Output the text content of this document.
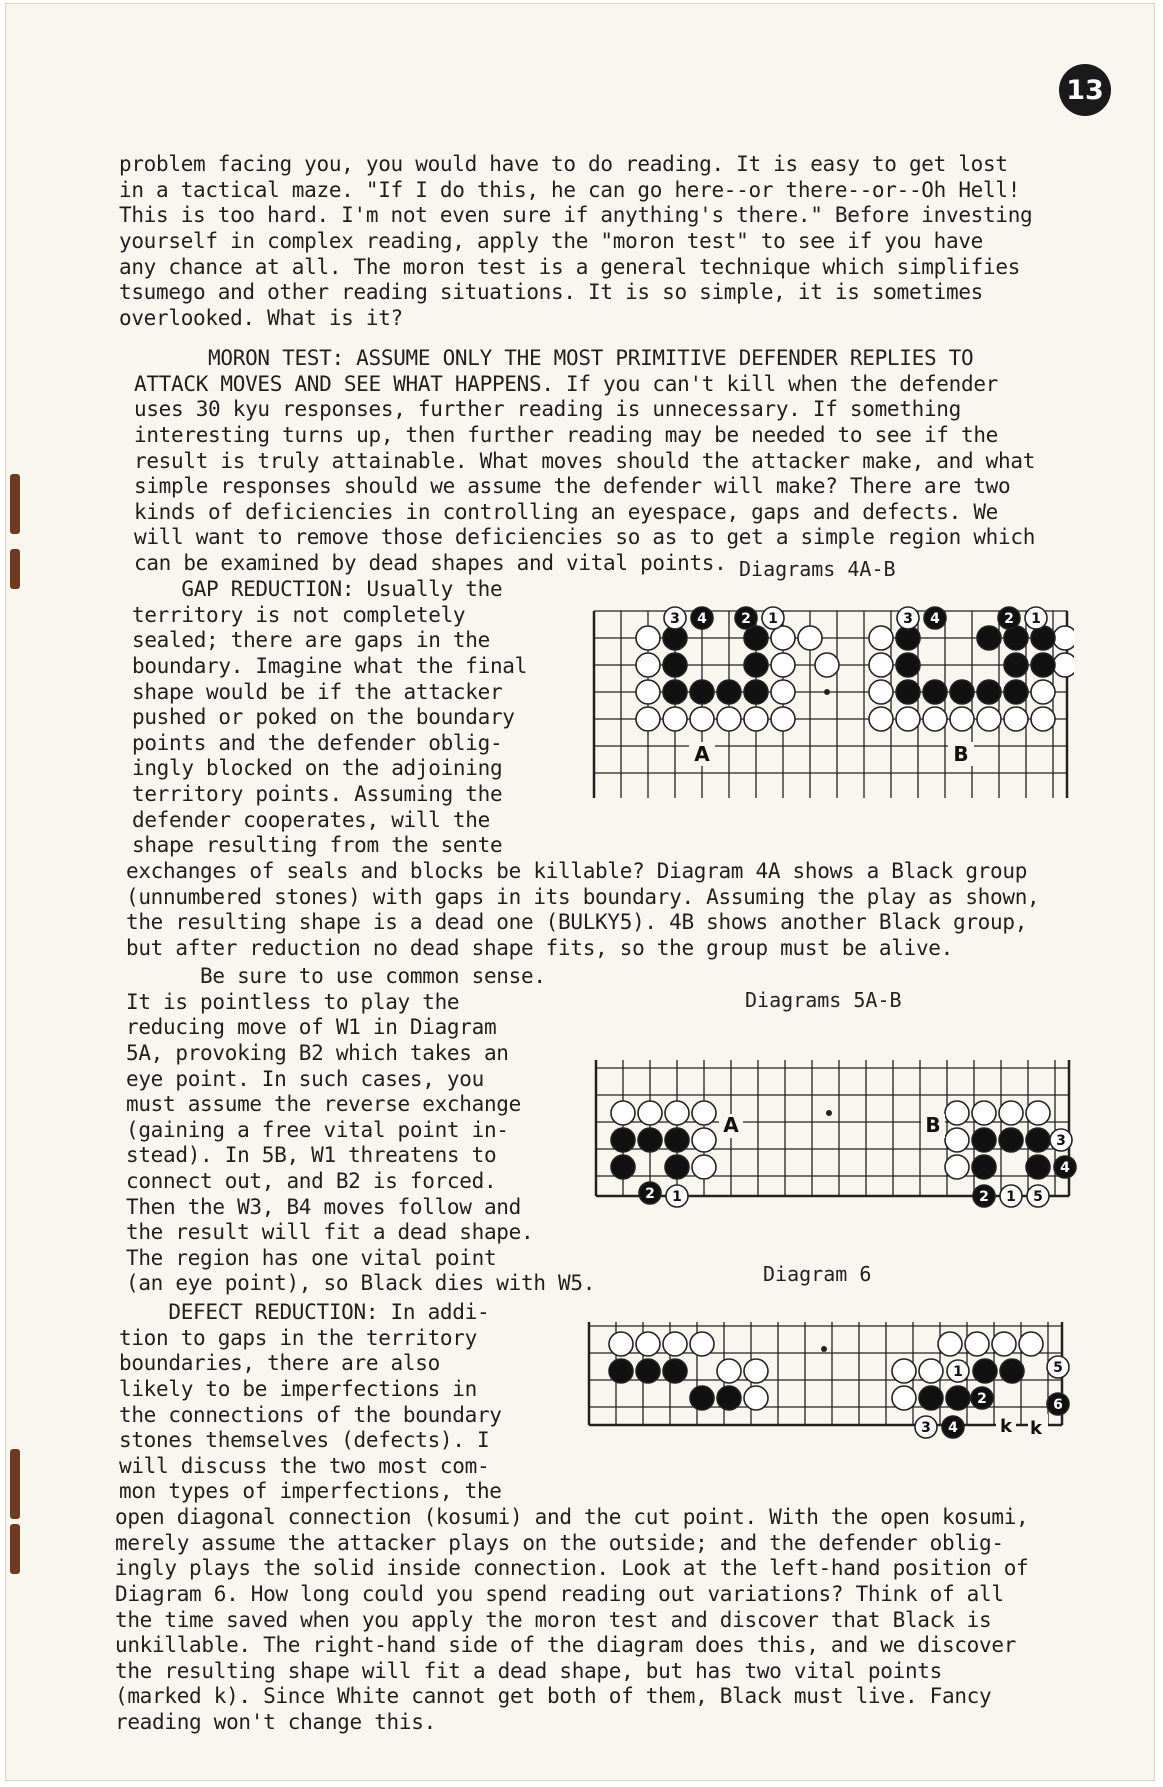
13

problem facing you, you would have to do reading. It is easy to get lost
in a tactical maze. "If I do this, he can go here--or there--or--Oh Hell!
This is too hard. I'm not even sure if anything's there." Before investing
yourself in complex reading, apply the "moron test" to see if you have
any chance at all. The moron test is a general technique which simplifies
tsumego and other reading situations. It is so simple, it is sometimes
overlooked. What is it?

MORON TEST: ASSUME ONLY THE MOST PRIMITIVE DEFENDER REPLIES TO
ATTACK MOVES AND SEE WHAT HAPPENS. If you can't kill when the defender
uses 30 kyu responses, further reading is unnecessary. If something
interesting turns up, then further reading may be needed to see if the
result is truly attainable. What moves should the attacker make, and what
simple responses should we assume the defender will make? There are two
kinds of deficiencies in controlling an eyespace, gaps and defects. We
will want to remove those deficiencies so as to get a simple region which
can be examined by dead shapes and vital points.

GAP REDUCTION: Usually the
territory is not completely
sealed; there are gaps in the
boundary. Imagine what the final
shape would be if the attacker
pushed or poked on the boundary
points and the defender oblig-
ingly blocked on the adjoining
territory points. Assuming the
defender cooperates, will the
shape resulting from the sente

exchanges of seals and blocks be killable? Diagram 4A shows a Black group
(unnumbered stones) with gaps in its boundary. Assuming the play as shown,
the resulting shape is a dead one (BULKY5). 4B shows another Black group,
but after reduction no dead shape fits, so the group must be alive.

Be sure to use common sense.
It is pointless to play the
reducing move of W1 in Diagram
5A, provoking B2 which takes an
eye point. In such cases, you
must assume the reverse exchange
(gaining a free vital point in-
stead). In 5B, W1 threatens to
connect out, and B2 is forced.
Then the W3, B4 moves follow and
the result will fit a dead shape.
The region has one vital point
(an eye point), so Black dies with W5.

DEFECT REDUCTION: In addi-
tion to gaps in the territory
boundaries, there are also
likely to be imperfections in
the connections of the boundary
stones themselves (defects). I
will discuss the two most com-
mon types of imperfections, the

open diagonal connection (kosumi) and the cut point. With the open kosumi,
merely assume the attacker plays on the outside; and the defender oblig-
ingly plays the solid inside connection. Look at the left-hand position of
Diagram 6. How long could you spend reading out variations? Think of all
the time saved when you apply the moron test and discover that Black is
unkillable. The right-hand side of the diagram does this, and we discover
the resulting shape will fit a dead shape, but has two vital points
(marked k). Since White cannot get both of them, Black must live. Fancy
reading won't change this.

Diagrams 4A-B
3 4 2 1	3 4	2 1
A	B
Diagrams 5A-B
2 1
3
4
2 1 5
A	B
Diagram 6
1
2
3 4
5
6
k k
